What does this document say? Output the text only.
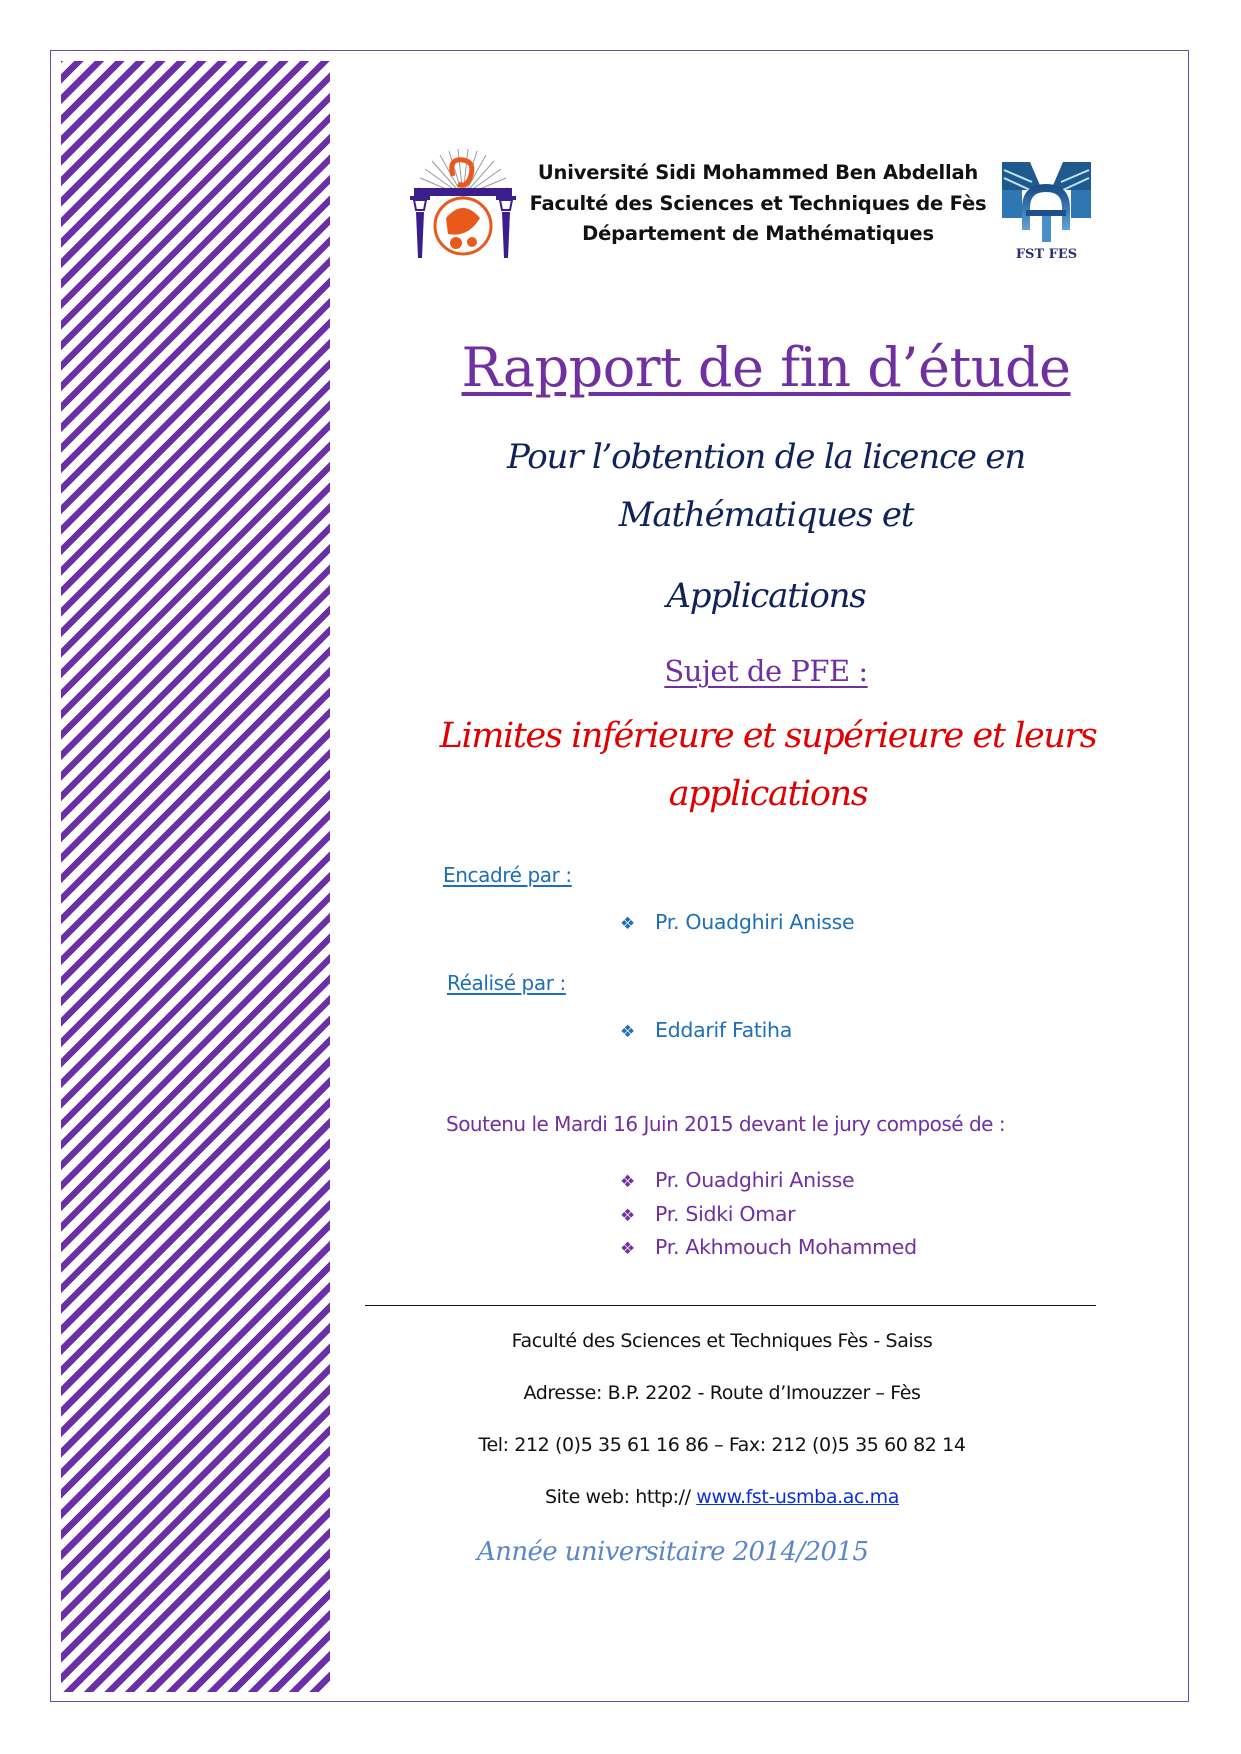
Université Sidi Mohammed Ben Abdellah
Faculté des Sciences et Techniques de Fès
Département de Mathématiques
FST FES
Rapport de fin d’étude
Pour l’obtention de la licence en
Mathématiques et
Applications
Sujet de PFE :
Limites inférieure et supérieure et leurs
applications
Encadré par :
❖ Pr. Ouadghiri Anisse
Réalisé par :
❖ Eddarif Fatiha
Soutenu le Mardi 16 Juin 2015 devant le jury composé de :
❖ Pr. Ouadghiri Anisse
❖ Pr. Sidki Omar
❖ Pr. Akhmouch Mohammed
Faculté des Sciences et Techniques Fès - Saiss
Adresse: B.P. 2202 - Route d’Imouzzer – Fès
Tel: 212 (0)5 35 61 16 86 – Fax: 212 (0)5 35 60 82 14
Site web: http:// www.fst-usmba.ac.ma
Année universitaire 2014/2015
